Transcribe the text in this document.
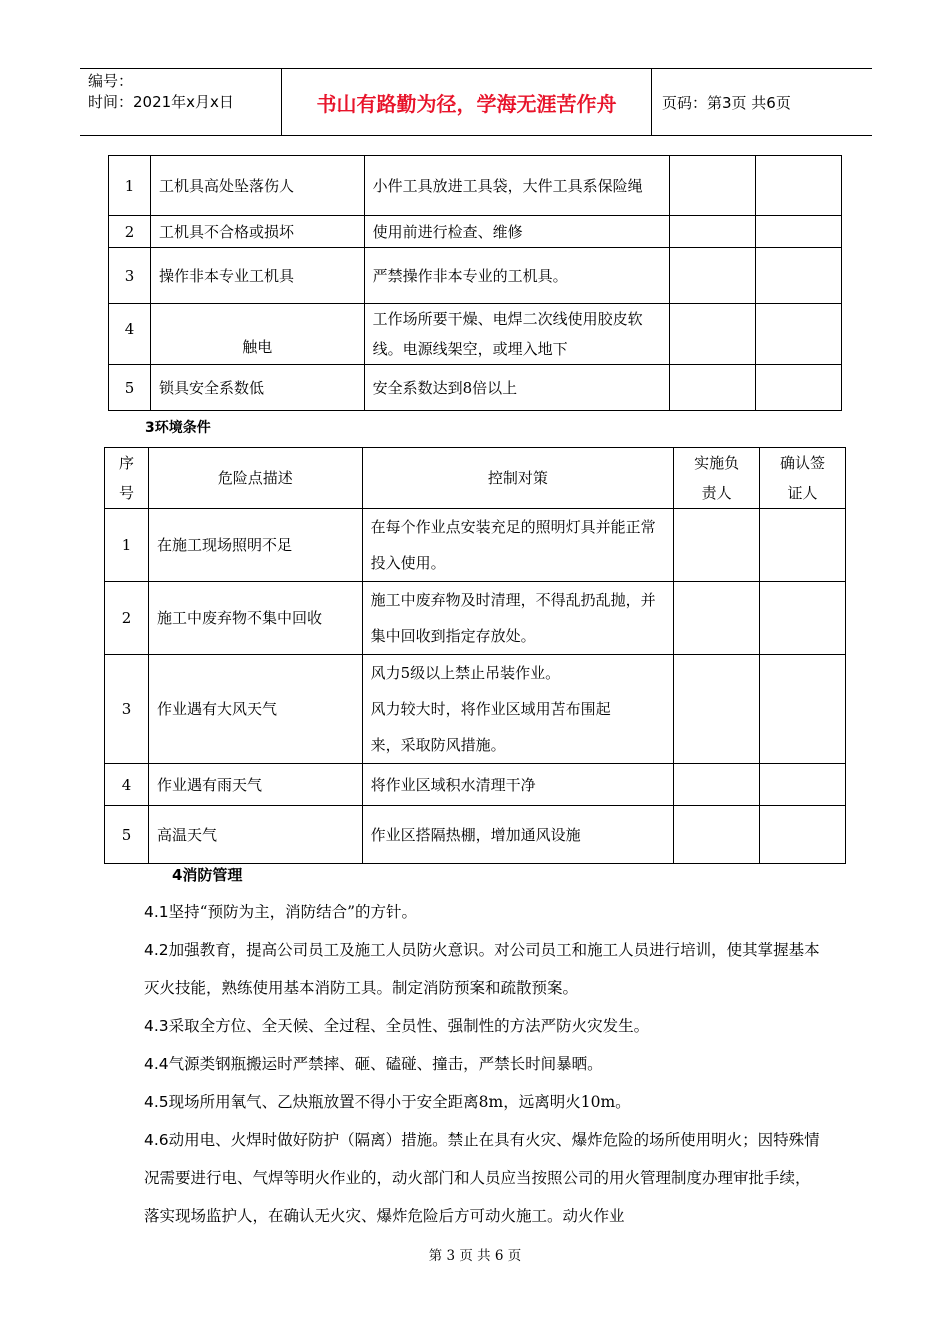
编号：
时间：2021年x月x日	书山有路勤为径，学海无涯苦作舟	页码：第3页 共6页
1	工机具高处坠落伤人	小件工具放进工具袋，大件工具系保险绳		
2	工机具不合格或损坏	使用前进行检查、维修		
3	操作非本专业工机具	严禁操作非本专业的工机具。		
4	触电	工作场所要干燥、电焊二次线使用胶皮软线。电源线架空，或埋入地下		
5	锁具安全系数低	安全系数达到8倍以上		
3环境条件
序号	危险点描述	控制对策	实施负责人	确认签证人
1	在施工现场照明不足	在每个作业点安装充足的照明灯具并能正常投入使用。		
2	施工中废弃物不集中回收	施工中废弃物及时清理，不得乱扔乱抛，并集中回收到指定存放处。		
3	作业遇有大风天气	风力5级以上禁止吊装作业。
风力较大时，将作业区域用苫布围起
来，采取防风措施。		

4	作业遇有雨天气	将作业区域积水清理干净		
5	高温天气	作业区搭隔热棚，增加通风设施		
4消防管理
4.1坚持“预防为主，消防结合”的方针。
4.2加强教育，提高公司员工及施工人员防火意识。对公司员工和施工人员进行培训，使其掌握基本灭火技能，熟练使用基本消防工具。制定消防预案和疏散预案。
4.3采取全方位、全天候、全过程、全员性、强制性的方法严防火灾发生。
4.4气源类钢瓶搬运时严禁摔、砸、磕碰、撞击，严禁长时间暴晒。
4.5现场所用氧气、乙炔瓶放置不得小于安全距离8m，远离明火10m。
4.6动用电、火焊时做好防护（隔离）措施。禁止在具有火灾、爆炸危险的场所使用明火；因特殊情况需要进行电、气焊等明火作业的，动火部门和人员应当按照公司的用火管理制度办理审批手续，落实现场监护人，在确认无火灾、爆炸危险后方可动火施工。动火作业
第 3 页 共 6 页
